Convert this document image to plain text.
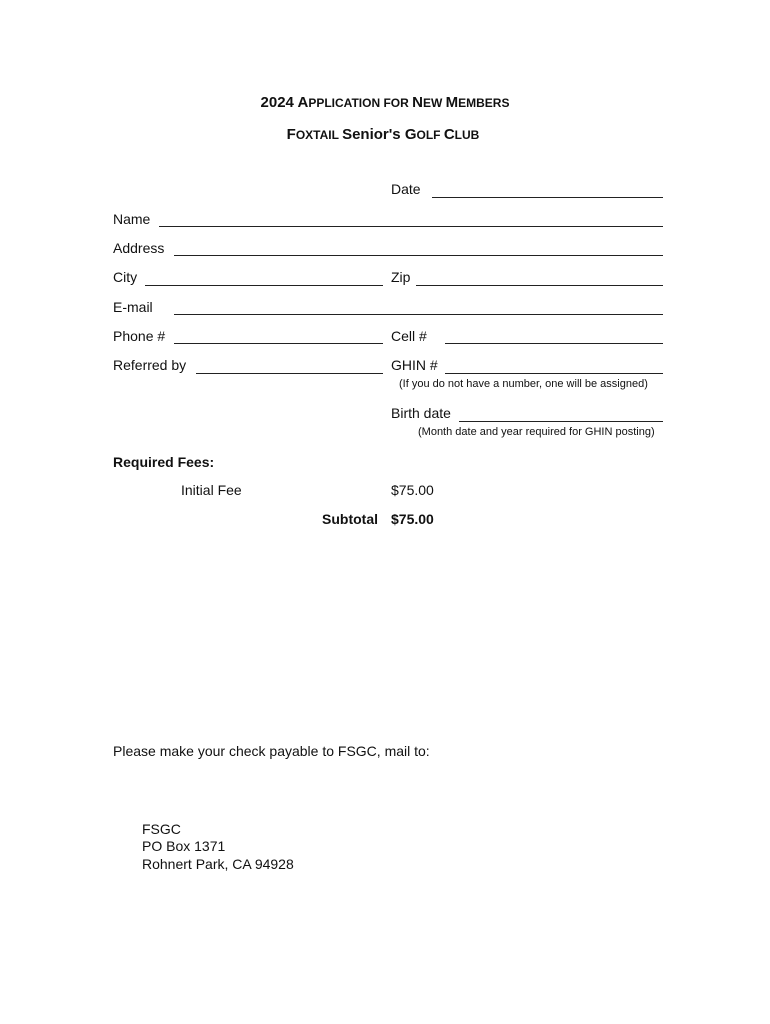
2024 APPLICATION FOR NEW MEMBERS
FOXTAIL Senior's GOLF CLUB
Date
Name
Address
City	Zip
E-mail
Phone #	Cell #
Referred by	GHIN #
(If you do not have a number, one will be assigned)
Birth date
(Month date and year required for GHIN posting)
Required Fees:
Initial Fee	$75.00
Subtotal $75.00
Please make your check payable to FSGC, mail to:
FSGC
PO Box 1371
Rohnert Park, CA 94928
